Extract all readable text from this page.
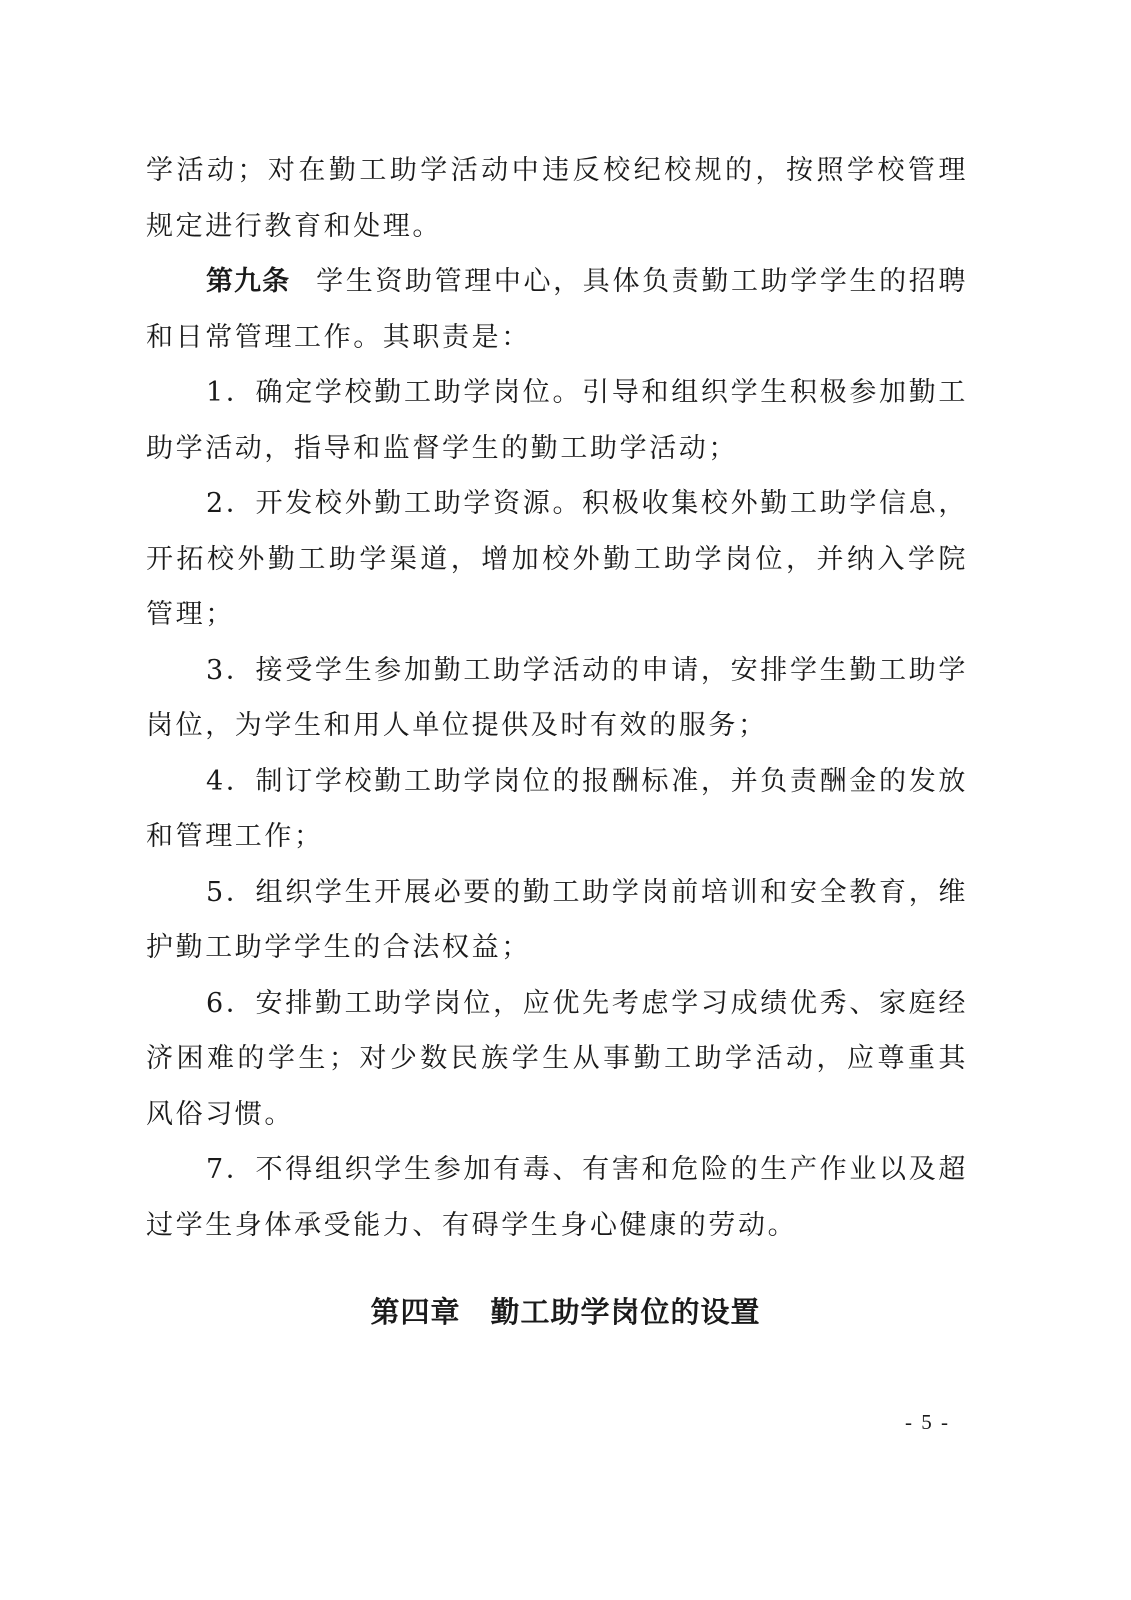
学活动；对在勤工助学活动中违反校纪校规的，按照学校管理规定进行教育和处理。

第九条 学生资助管理中心，具体负责勤工助学学生的招聘和日常管理工作。其职责是：

1．确定学校勤工助学岗位。引导和组织学生积极参加勤工助学活动，指导和监督学生的勤工助学活动；

2．开发校外勤工助学资源。积极收集校外勤工助学信息，开拓校外勤工助学渠道，增加校外勤工助学岗位，并纳入学院管理；

3．接受学生参加勤工助学活动的申请，安排学生勤工助学岗位，为学生和用人单位提供及时有效的服务；

4．制订学校勤工助学岗位的报酬标准，并负责酬金的发放和管理工作；

5．组织学生开展必要的勤工助学岗前培训和安全教育，维护勤工助学学生的合法权益；

6．安排勤工助学岗位，应优先考虑学习成绩优秀、家庭经济困难的学生；对少数民族学生从事勤工助学活动，应尊重其风俗习惯。

7．不得组织学生参加有毒、有害和危险的生产作业以及超过学生身体承受能力、有碍学生身心健康的劳动。

第四章　勤工助学岗位的设置
- 5 -
